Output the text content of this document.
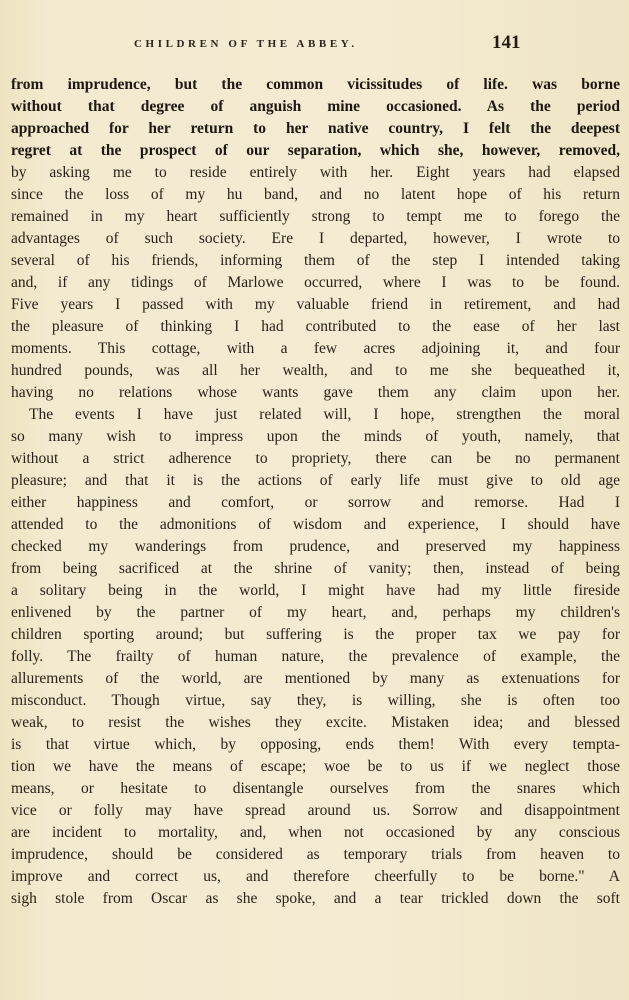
CHILDREN OF THE ABBEY.	141
from imprudence, but the common vicissitudes of life. was borne
without that degree of anguish mine occasioned. As the period
approached for her return to her native country, I felt the deepest
regret at the prospect of our separation, which she, however, removed,
by asking me to reside entirely with her. Eight years had elapsed
since the loss of my hu band, and no latent hope of his return
remained in my heart sufficiently strong to tempt me to forego the
advantages of such society. Ere I departed, however, I wrote to
several of his friends, informing them of the step I intended taking
and, if any tidings of Marlowe occurred, where I was to be found.
Five years I passed with my valuable friend in retirement, and had
the pleasure of thinking I had contributed to the ease of her last
moments. This cottage, with a few acres adjoining it, and four
hundred pounds, was all her wealth, and to me she bequeathed it,
having no relations whose wants gave them any claim upon her.
The events I have just related will, I hope, strengthen the moral
so many wish to impress upon the minds of youth, namely, that
without a strict adherence to propriety, there can be no permanent
pleasure; and that it is the actions of early life must give to old age
either happiness and comfort, or sorrow and remorse. Had I
attended to the admonitions of wisdom and experience, I should have
checked my wanderings from prudence, and preserved my happiness
from being sacrificed at the shrine of vanity; then, instead of being
a solitary being in the world, I might have had my little fireside
enlivened by the partner of my heart, and, perhaps my children's
children sporting around; but suffering is the proper tax we pay for
folly. The frailty of human nature, the prevalence of example, the
allurements of the world, are mentioned by many as extenuations for
misconduct. Though virtue, say they, is willing, she is often too
weak, to resist the wishes they excite. Mistaken idea; and blessed
is that virtue which, by opposing, ends them! With every tempta-
tion we have the means of escape; woe be to us if we neglect those
means, or hesitate to disentangle ourselves from the snares which
vice or folly may have spread around us. Sorrow and disappointment
are incident to mortality, and, when not occasioned by any conscious
imprudence, should be considered as temporary trials from heaven to
improve and correct us, and therefore cheerfully to be borne." A
sigh stole from Oscar as she spoke, and a tear trickled down the soft
